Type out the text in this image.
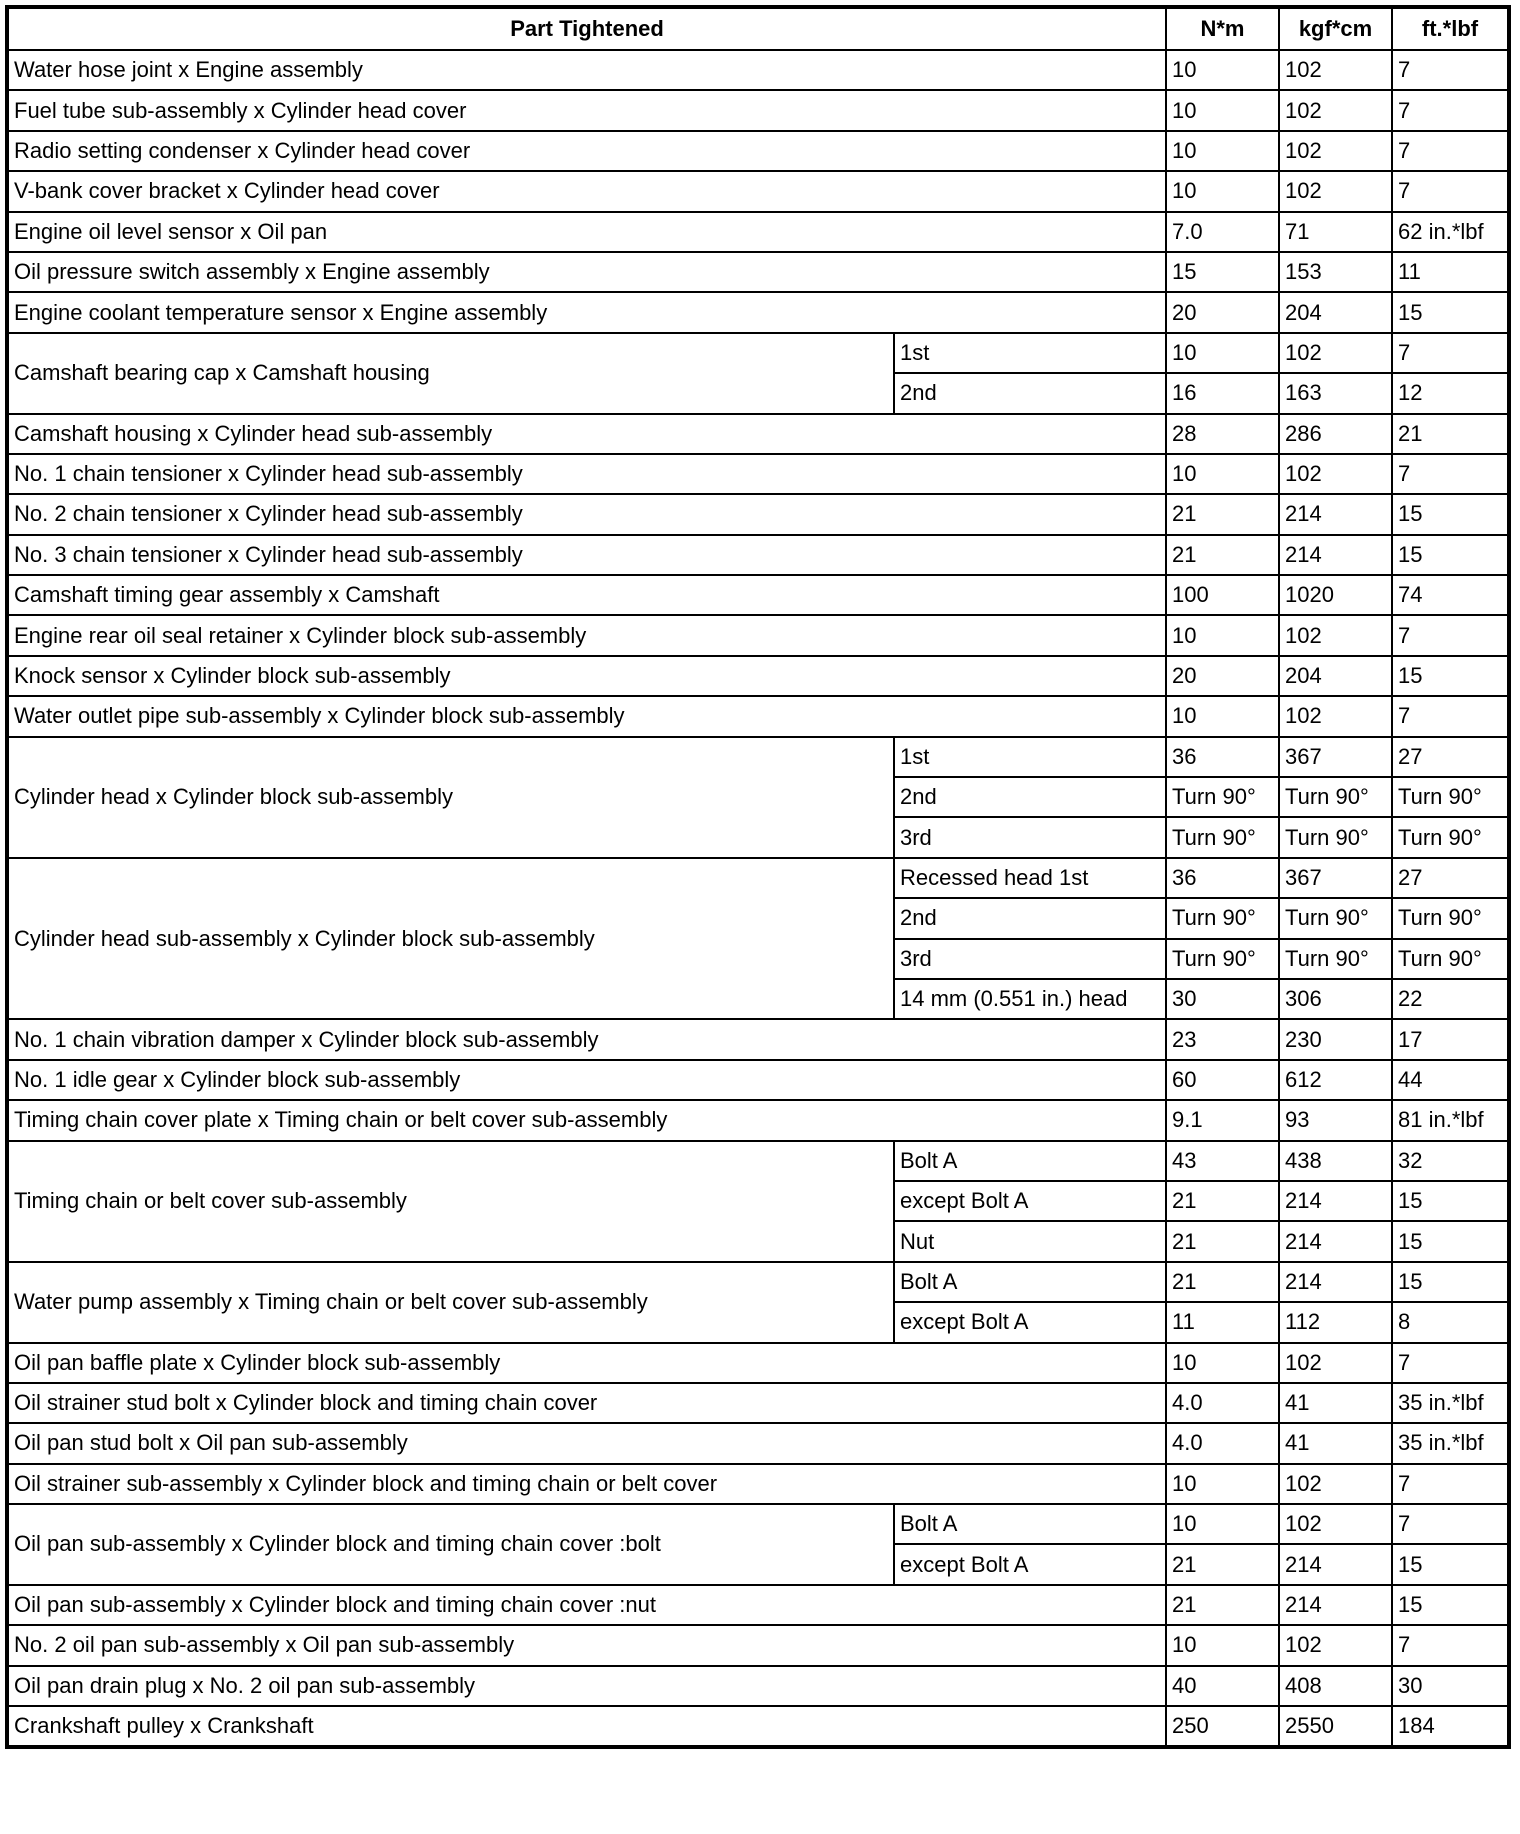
Part Tightened		N*m	kgf*cm	ft.*lbf
Water hose joint x Engine assembly		10	102	7
Fuel tube sub-assembly x Cylinder head cover		10	102	7
Radio setting condenser x Cylinder head cover		10	102	7
V-bank cover bracket x Cylinder head cover		10	102	7
Engine oil level sensor x Oil pan		7.0	71	62 in.*lbf
Oil pressure switch assembly x Engine assembly		15	153	11
Engine coolant temperature sensor x Engine assembly		20	204	15
Camshaft bearing cap x Camshaft housing	1st	10	102	7
	2nd	16	163	12
Camshaft housing x Cylinder head sub-assembly		28	286	21
No. 1 chain tensioner x Cylinder head sub-assembly		10	102	7
No. 2 chain tensioner x Cylinder head sub-assembly		21	214	15
No. 3 chain tensioner x Cylinder head sub-assembly		21	214	15
Camshaft timing gear assembly x Camshaft		100	1020	74
Engine rear oil seal retainer x Cylinder block sub-assembly		10	102	7
Knock sensor x Cylinder block sub-assembly		20	204	15
Water outlet pipe sub-assembly x Cylinder block sub-assembly		10	102	7
Cylinder head x Cylinder block sub-assembly	1st	36	367	27
	2nd	Turn 90°	Turn 90°	Turn 90°
	3rd	Turn 90°	Turn 90°	Turn 90°
Cylinder head sub-assembly x Cylinder block sub-assembly	Recessed head 1st	36	367	27
	2nd	Turn 90°	Turn 90°	Turn 90°
	3rd	Turn 90°	Turn 90°	Turn 90°
	14 mm (0.551 in.) head	30	306	22
No. 1 chain vibration damper x Cylinder block sub-assembly		23	230	17
No. 1 idle gear x Cylinder block sub-assembly		60	612	44
Timing chain cover plate x Timing chain or belt cover sub-assembly		9.1	93	81 in.*lbf
Timing chain or belt cover sub-assembly	Bolt A	43	438	32
	except Bolt A	21	214	15
	Nut	21	214	15
Water pump assembly x Timing chain or belt cover sub-assembly	Bolt A	21	214	15
	except Bolt A	11	112	8
Oil pan baffle plate x Cylinder block sub-assembly		10	102	7
Oil strainer stud bolt x Cylinder block and timing chain cover		4.0	41	35 in.*lbf
Oil pan stud bolt x Oil pan sub-assembly		4.0	41	35 in.*lbf
Oil strainer sub-assembly x Cylinder block and timing chain or belt cover		10	102	7
Oil pan sub-assembly x Cylinder block and timing chain cover :bolt	Bolt A	10	102	7
	except Bolt A	21	214	15
Oil pan sub-assembly x Cylinder block and timing chain cover :nut		21	214	15
No. 2 oil pan sub-assembly x Oil pan sub-assembly		10	102	7
Oil pan drain plug x No. 2 oil pan sub-assembly		40	408	30
Crankshaft pulley x Crankshaft		250	2550	184
